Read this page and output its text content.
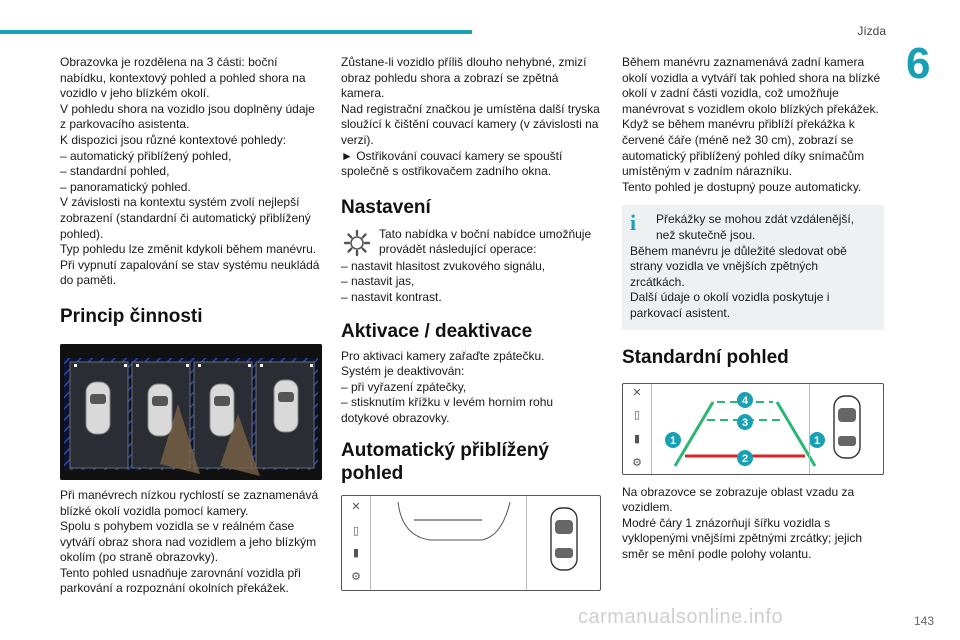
Jízda
6

Obrazovka je rozdělena na 3 části: boční nabídku, kontextový pohled a pohled shora na vozidlo v jeho blízkém okolí.

V pohledu shora na vozidlo jsou doplněny údaje z parkovacího asistenta.

K dispozici jsou různé kontextové pohledy:

– automatický přiblížený pohled,

– standardní pohled,

– panoramatický pohled.

V závislosti na kontextu systém zvolí nejlepší zobrazení (standardní či automatický přiblížený pohled).

Typ pohledu lze změnit kdykoli během manévru.

Při vypnutí zapalování se stav systému neukládá do paměti.

Princip činnosti

Při manévrech nízkou rychlostí se zaznamenává blízké okolí vozidla pomocí kamery.

Spolu s pohybem vozidla se v reálném čase vytváří obraz shora nad vozidlem a jeho blízkým okolím (po straně obrazovky).

Tento pohled usnadňuje zarovnání vozidla při parkování a rozpoznání okolních překážek.

Zůstane-li vozidlo příliš dlouho nehybné, zmizí obraz pohledu shora a zobrazí se zpětná kamera.

Nad registrační značkou je umístěna další tryska sloužící k čištění couvací kamery (v závislosti na verzi).

► Ostřikování couvací kamery se spouští společně s ostřikovačem zadního okna.

Nastavení

Tato nabídka v boční nabídce umožňuje provádět následující operace:

– nastavit hlasitost zvukového signálu,

– nastavit jas,

– nastavit kontrast.

Aktivace / deaktivace

Pro aktivaci kamery zařaďte zpátečku.

Systém je deaktivován:

– při vyřazení zpátečky,

– stisknutím křížku v levém horním rohu dotykové obrazovky.

Automatický přiblížený pohled
✕
▯
▮
⚙

Během manévru zaznamenává zadní kamera okolí vozidla a vytváří tak pohled shora na blízké okolí v zadní části vozidla, což umožňuje manévrovat s vozidlem okolo blízkých překážek.

Když se během manévru přiblíží překážka k červené čáře (méně než 30 cm), zobrazí se automatický přiblížený pohled díky snímačům umístěným v zadním nárazníku.

Tento pohled je dostupný pouze automaticky.

i	Překážky se mohou zdát vzdálenější, než skutečně jsou.

Během manévru je důležité sledovat obě strany vozidla ve vnějších zpětných zrcátkách.

Další údaje o okolí vozidla poskytuje i parkovací asistent.

Standardní pohled
✕
▯
▮
⚙
1	1
2
3
4

Na obrazovce se zobrazuje oblast vzadu za vozidlem.

Modré čáry 1 znázorňují šířku vozidla s vyklopenými vnějšími zpětnými zrcátky; jejich směr se mění podle polohy volantu.

carmanualsonline.info	143
